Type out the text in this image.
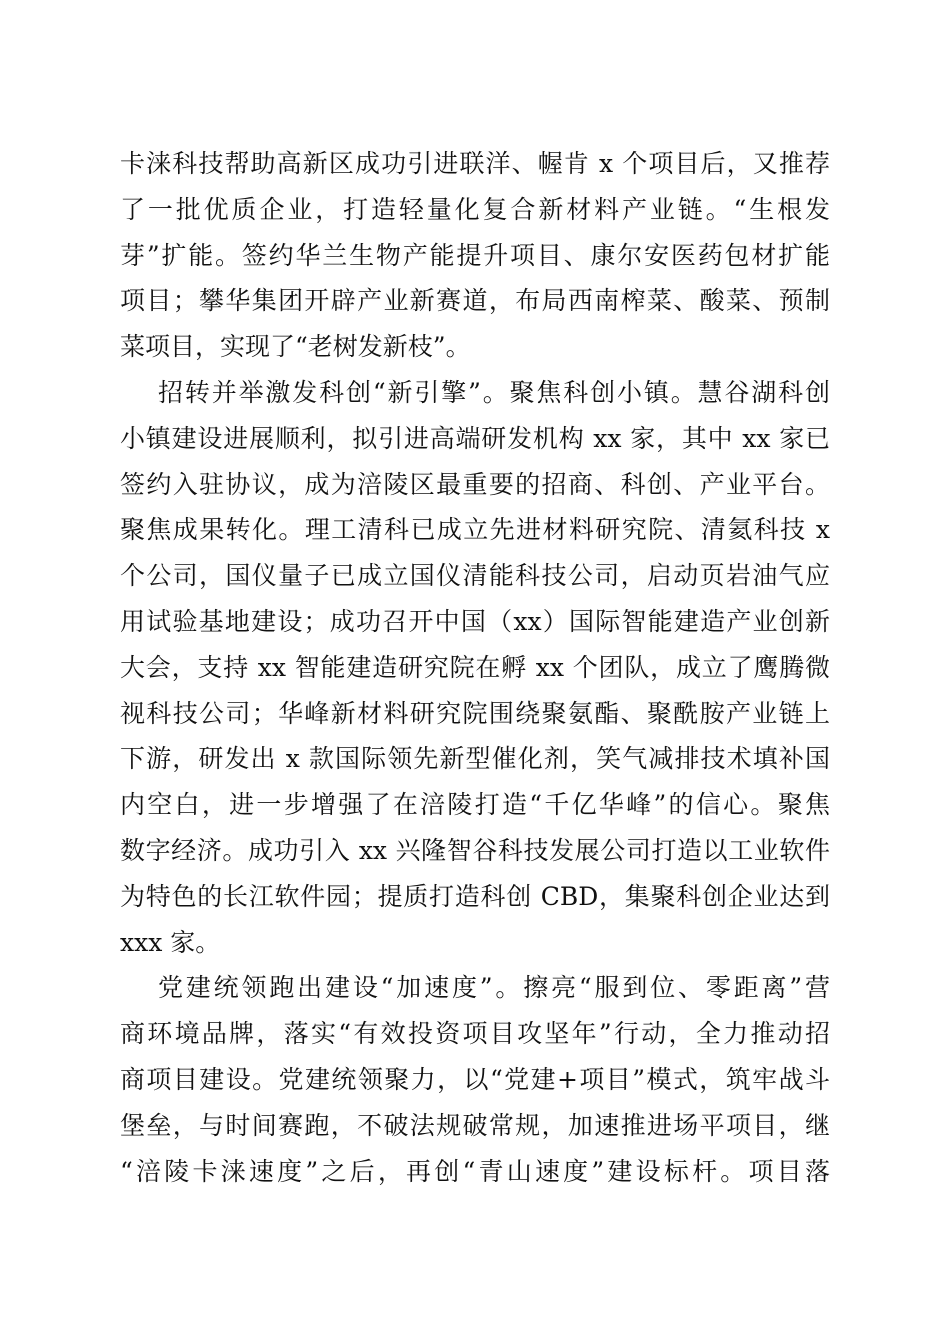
卡涞科技帮助高新区成功引进联洋、幄肯 x 个项目后，又推荐
了一批优质企业，打造轻量化复合新材料产业链。“生根发
芽”扩能。签约华兰生物产能提升项目、康尔安医药包材扩能
项目；攀华集团开辟产业新赛道，布局西南榨菜、酸菜、预制
菜项目，实现了“老树发新枝”。
招转并举激发科创“新引擎”。聚焦科创小镇。慧谷湖科创
小镇建设进展顺利，拟引进高端研发机构 xx 家，其中 xx 家已
签约入驻协议，成为涪陵区最重要的招商、科创、产业平台。
聚焦成果转化。理工清科已成立先进材料研究院、清氦科技 x
个公司，国仪量子已成立国仪清能科技公司，启动页岩油气应
用试验基地建设；成功召开中国（xx）国际智能建造产业创新
大会，支持 xx 智能建造研究院在孵 xx 个团队，成立了鹰腾微
视科技公司；华峰新材料研究院围绕聚氨酯、聚酰胺产业链上
下游，研发出 x 款国际领先新型催化剂，笑气减排技术填补国
内空白，进一步增强了在涪陵打造“千亿华峰”的信心。聚焦
数字经济。成功引入 xx 兴隆智谷科技发展公司打造以工业软件
为特色的长江软件园；提质打造科创 CBD，集聚科创企业达到
xxx 家。
党建统领跑出建设“加速度”。擦亮“服到位、零距离”营
商环境品牌，落实“有效投资项目攻坚年”行动，全力推动招
商项目建设。党建统领聚力，以“党建+项目”模式，筑牢战斗
堡垒，与时间赛跑，不破法规破常规，加速推进场平项目，继
“涪陵卡涞速度”之后，再创“青山速度”建设标杆。项目落
